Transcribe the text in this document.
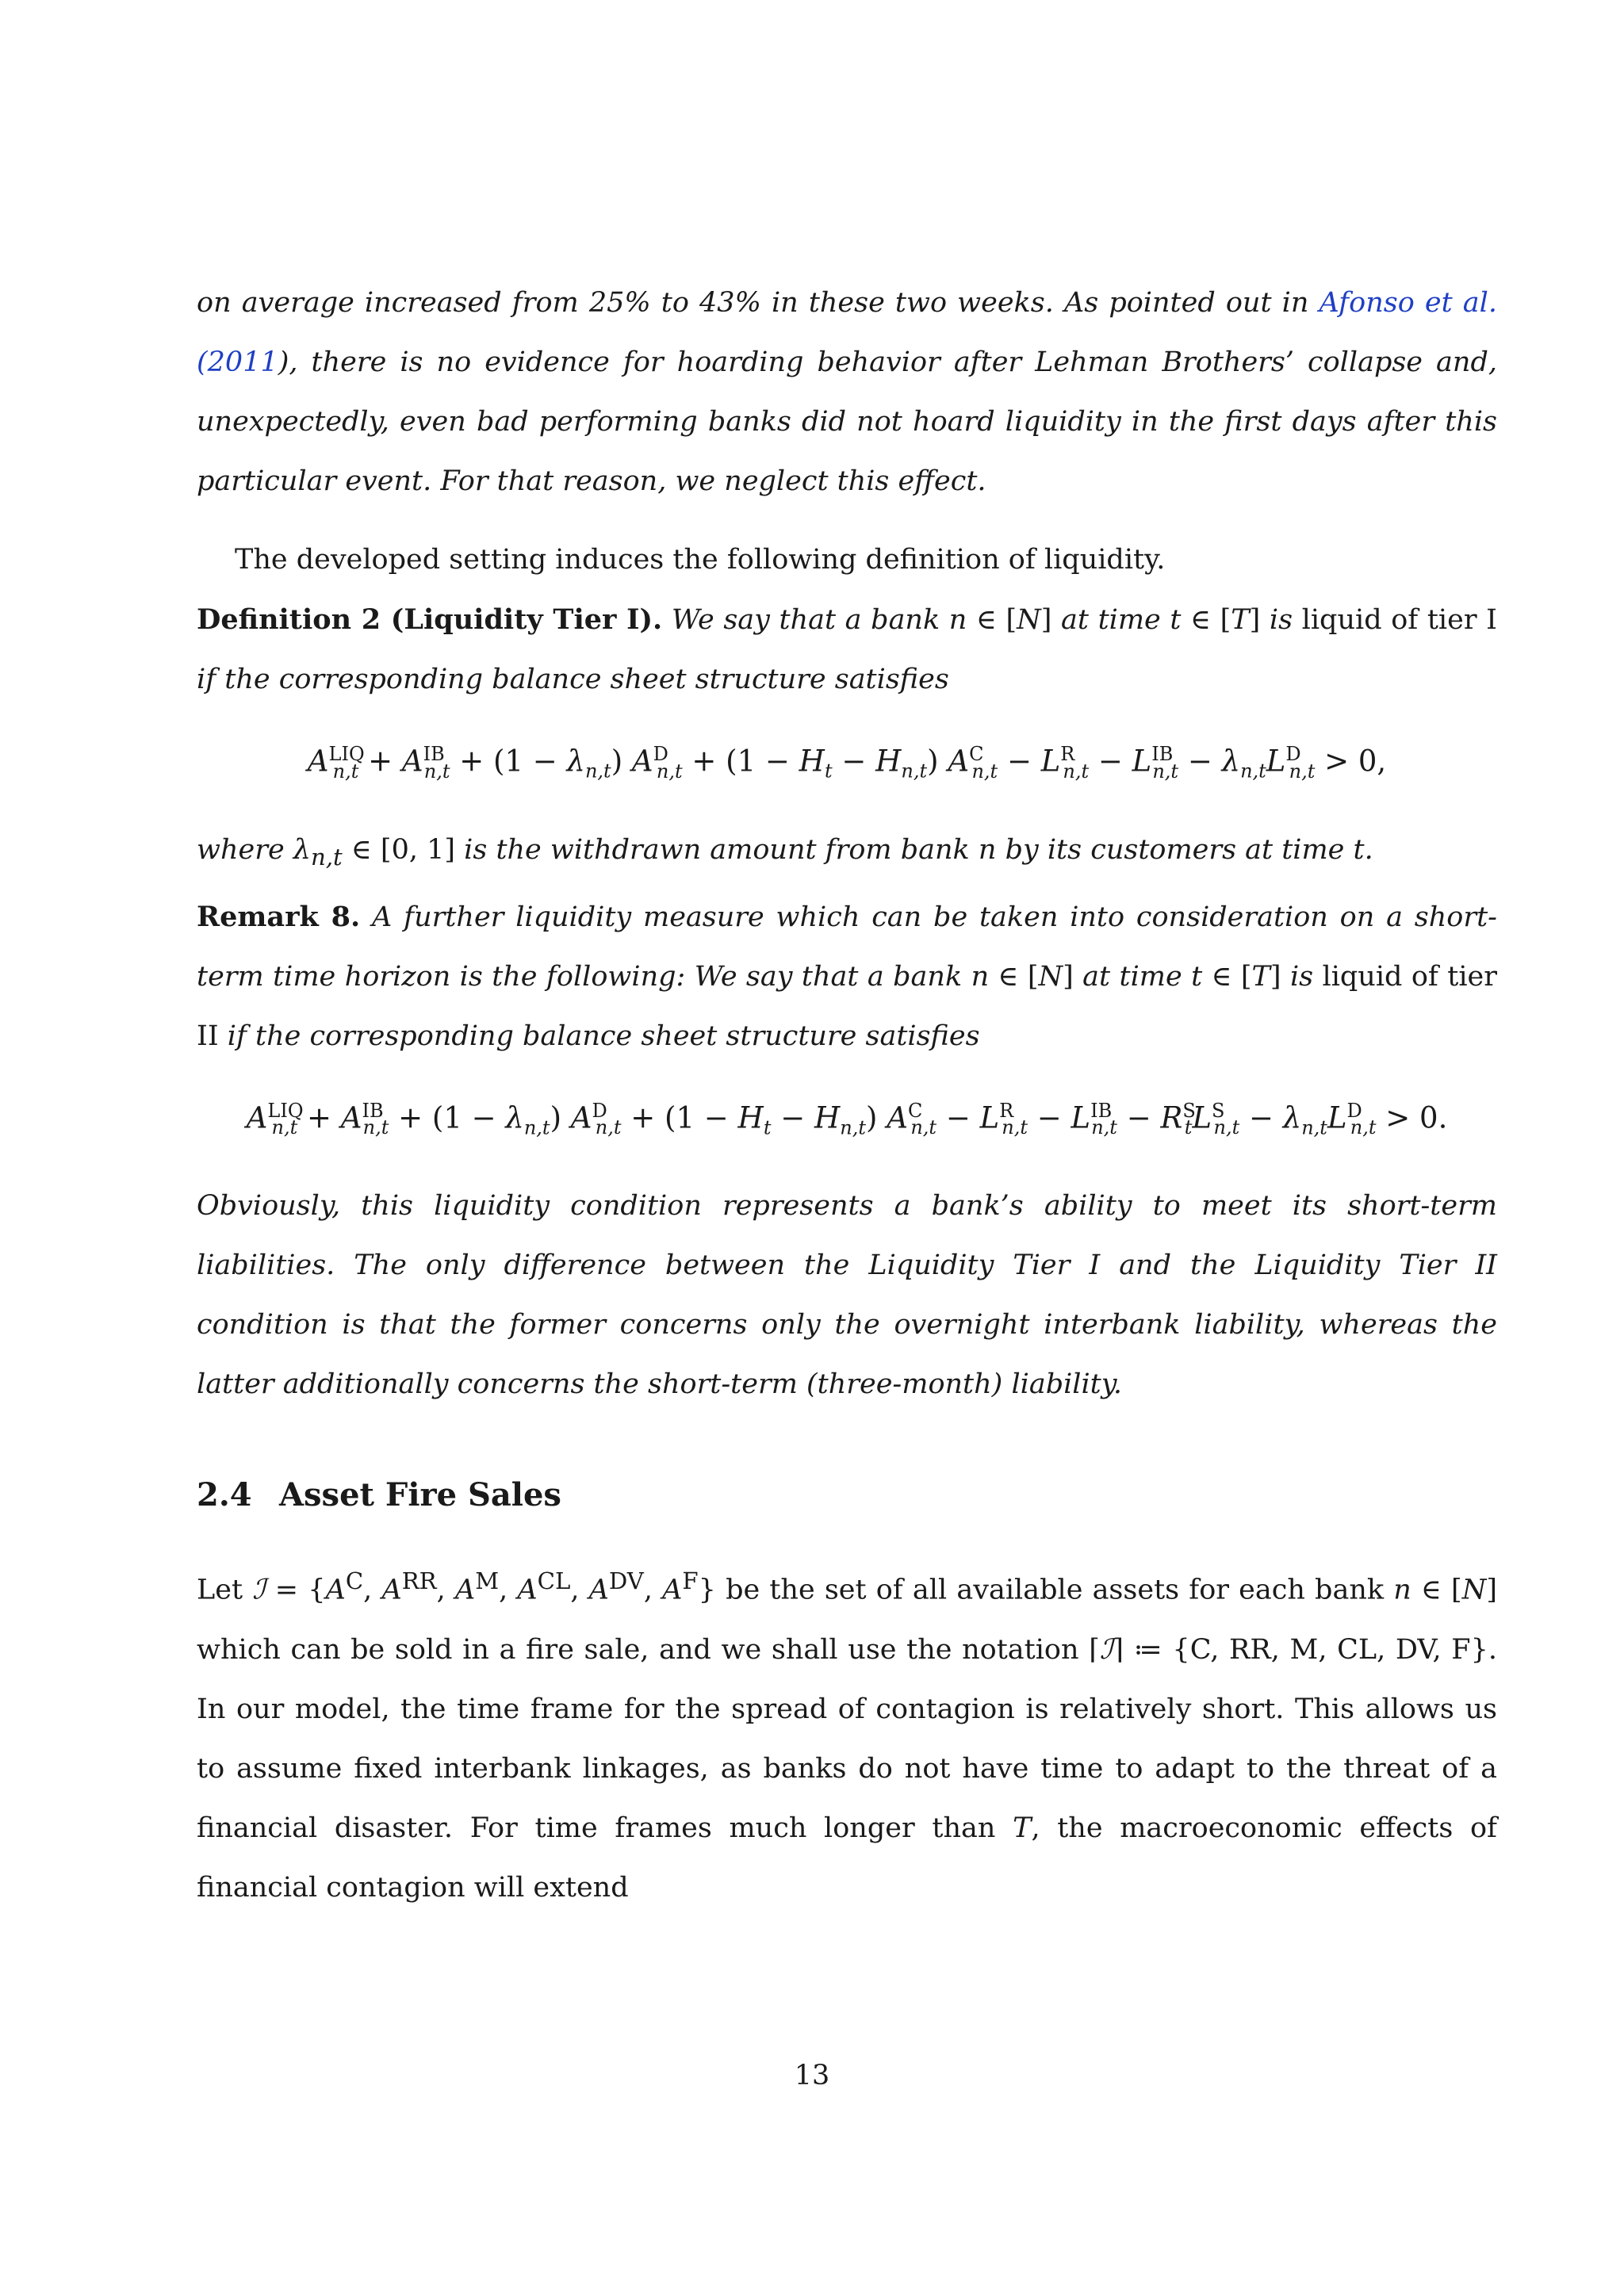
on average increased from 25% to 43% in these two weeks. As pointed out in Afonso et al. (2011), there is no evidence for hoarding behavior after Lehman Brothers’ collapse and, unexpectedly, even bad performing banks did not hoard liquidity in the first days after this particular event. For that reason, we neglect this effect.

The developed setting induces the following definition of liquidity.

Definition 2 (Liquidity Tier I). We say that a bank n ∈ [N] at time t ∈ [T] is liquid of tier I if the corresponding balance sheet structure satisfies

$A^{LIQ}_{n,t} + A^{IB}_{n,t} + (1 - \lambda_{n,t}) A^D_{n,t} + (1 - H_t - H_{n,t}) A^C_{n,t} - L^R_{n,t} - L^{IB}_{n,t} - \lambda_{n,t}L^D_{n,t} > 0$,

where $\lambda_{n,t}$ ∈ [0, 1] is the withdrawn amount from bank n by its customers at time t.

Remark 8. A further liquidity measure which can be taken into consideration on a short-term time horizon is the following: We say that a bank n ∈ [N] at time t ∈ [T] is liquid of tier II if the corresponding balance sheet structure satisfies

$A^{LIQ}_{n,t} + A^{IB}_{n,t} + (1 - \lambda_{n,t}) A^D_{n,t} + (1 - H_t - H_{n,t}) A^C_{n,t} - L^R_{n,t} - L^{IB}_{n,t} - R^S_tL^S_{n,t} - \lambda_{n,t}L^D_{n,t} > 0$.

Obviously, this liquidity condition represents a bank’s ability to meet its short-term liabilities. The only difference between the Liquidity Tier I and the Liquidity Tier II condition is that the former concerns only the overnight interbank liability, whereas the latter additionally concerns the short-term (three-month) liability.

2.4 Asset Fire Sales

Let ℐ = {$A^C$, $A^{RR}$, $A^M$, $A^{CL}$, $A^{DV}$, $A^F$} be the set of all available assets for each bank n ∈ [N] which can be sold in a fire sale, and we shall use the notation ⌈ℐ⌉ ≔ {C, RR, M, CL, DV, F}. In our model, the time frame for the spread of contagion is relatively short. This allows us to assume fixed interbank linkages, as banks do not have time to adapt to the threat of a financial disaster. For time frames much longer than T, the macroeconomic effects of financial contagion will extend

13
